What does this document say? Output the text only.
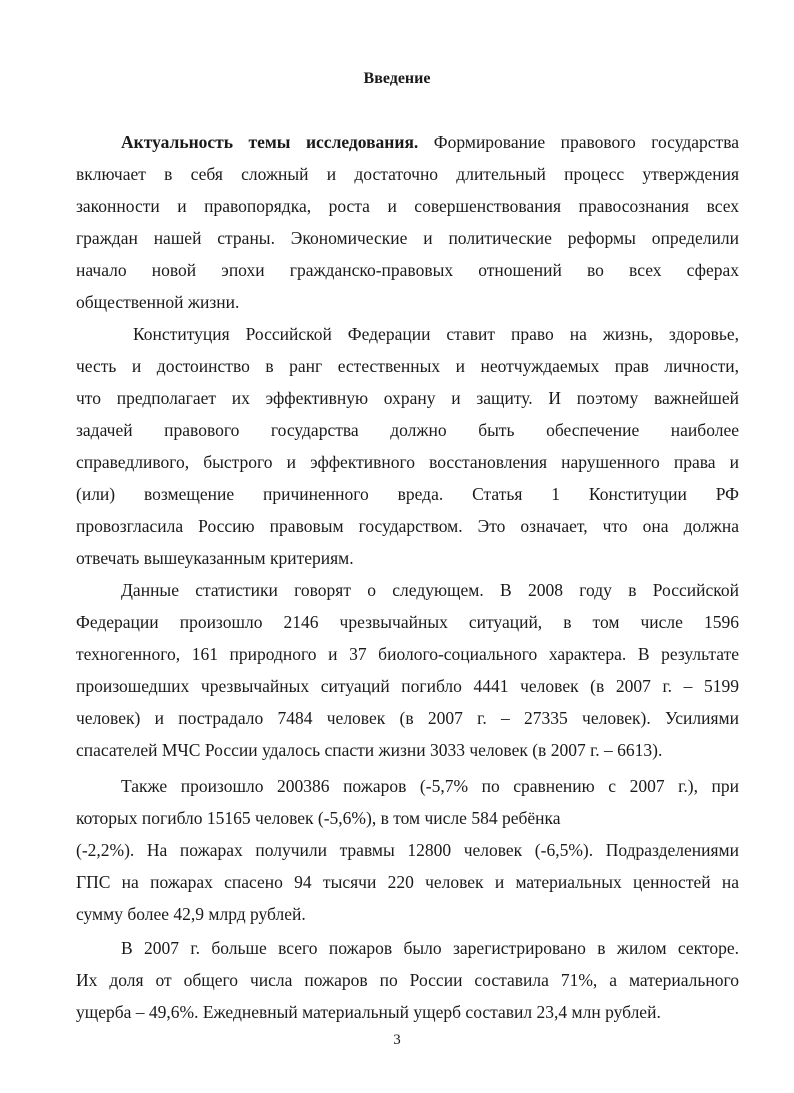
Введение
Актуальность темы исследования. Формирование правового государства
включает в себя сложный и достаточно длительный процесс утверждения
законности и правопорядка, роста и совершенствования правосознания всех
граждан нашей страны. Экономические и политические реформы определили
начало новой эпохи гражданско-правовых отношений во всех сферах
общественной жизни.
Конституция Российской Федерации ставит право на жизнь, здоровье,
честь и достоинство в ранг естественных и неотчуждаемых прав личности,
что предполагает их эффективную охрану и защиту. И поэтому важнейшей
задачей правового государства должно быть обеспечение наиболее
справедливого, быстрого и эффективного восстановления нарушенного права и
(или) возмещение причиненного вреда. Статья 1 Конституции РФ
провозгласила Россию правовым государством. Это означает, что она должна
отвечать вышеуказанным критериям.
Данные статистики говорят о следующем. В 2008 году в Российской
Федерации произошло 2146 чрезвычайных ситуаций, в том числе 1596
техногенного, 161 природного и 37 биолого-социального характера. В результате
произошедших чрезвычайных ситуаций погибло 4441 человек (в 2007 г. – 5199
человек) и пострадало 7484 человек (в 2007 г. – 27335 человек). Усилиями
спасателей МЧС России удалось спасти жизни 3033 человек (в 2007 г. – 6613).
Также произошло 200386 пожаров (-5,7% по сравнению с 2007 г.), при
которых погибло 15165 человек (-5,6%), в том числе 584 ребёнка
(-2,2%). На пожарах получили травмы 12800 человек (-6,5%). Подразделениями
ГПС на пожарах спасено 94 тысячи 220 человек и материальных ценностей на
сумму более 42,9 млрд рублей.
В 2007 г. больше всего пожаров было зарегистрировано в жилом секторе.
Их доля от общего числа пожаров по России составила 71%, а материального
ущерба – 49,6%. Ежедневный материальный ущерб составил 23,4 млн рублей.
3
